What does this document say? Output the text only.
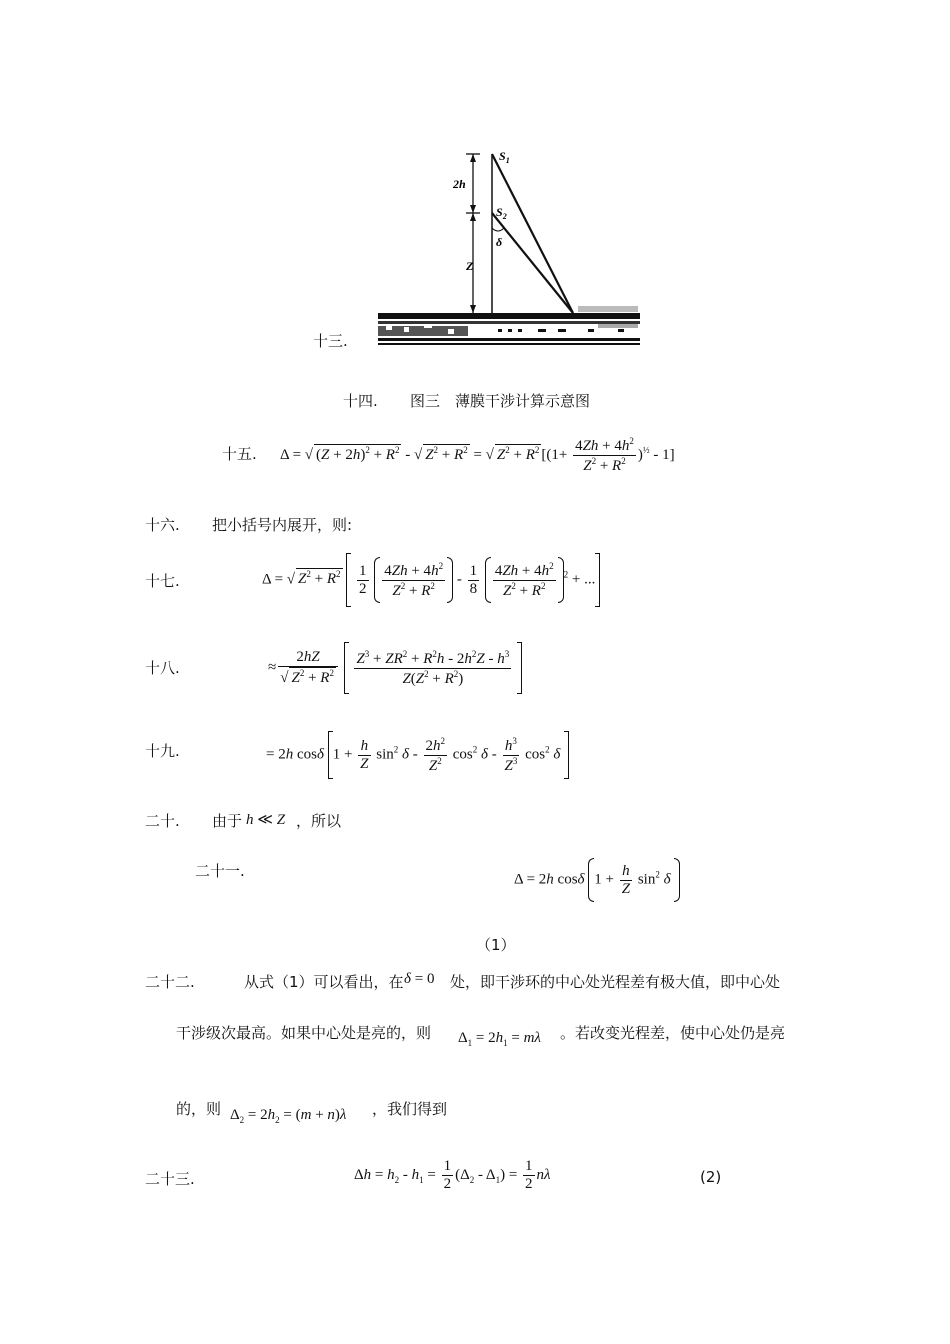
$S_1$
$S_2$
2h
Z
δ
十三.
十四. 图三　薄膜干涉计算示意图
十五. Δ = √ $(Z + 2h)^2 + R^2$ - √ $Z^2 + R^2$ = √ $Z^2 + R^2$ $[(1+ \frac{4Zh + 4h^2}{Z^2 + R^2} )^{\frac{1}{2}} - 1]$
十六. 把小括号内展开，则:
十七.	Δ = √ $Z^2 + R^2 \frac{1}{2}$
$\frac{4Zh + 4h^2}{Z^2 + R^2} - \frac{1}{8}$
$\frac{4Zh + 4h^2}{Z^2 + R^2} ^2$ + ...
十八.	≈ $\frac{2hZ}{√ Z^2 + R^2}$
$\frac{Z^3 + ZR^2 + R^2h - 2h^2Z - h^3}{Z(Z^2 + R^2)}$

十九.	= 2h cosδ $1 + \frac{h}{Z} \sin^2 \delta - \frac{2h^2}{Z^2} \cos^2 \delta - \frac{h^3}{Z^3} \cos^2 \delta$
二十. 由于 h ≪ Z ，所以
二十一.	Δ = 2h cosδ $1 + \frac{h}{Z} \sin^2 \delta$
（1）
二十二.	从式（1）可以看出，在 δ = 0 处，即干涉环的中心处光程差有极大值，即中心处
干涉级次最高。如果中心处是亮的，则 $\Delta_1 = 2h_1 = m\lambda$ 。若改变光程差，使中心处仍是亮
的，则 $\Delta_2 = 2h_2 = (m + n)\lambda$ ，我们得到
二十三.	$\Delta h = h_2 - h_1 = \frac{1}{2} (\Delta_2 - \Delta_1) = \frac{1}{2}$ nλ	(2)
